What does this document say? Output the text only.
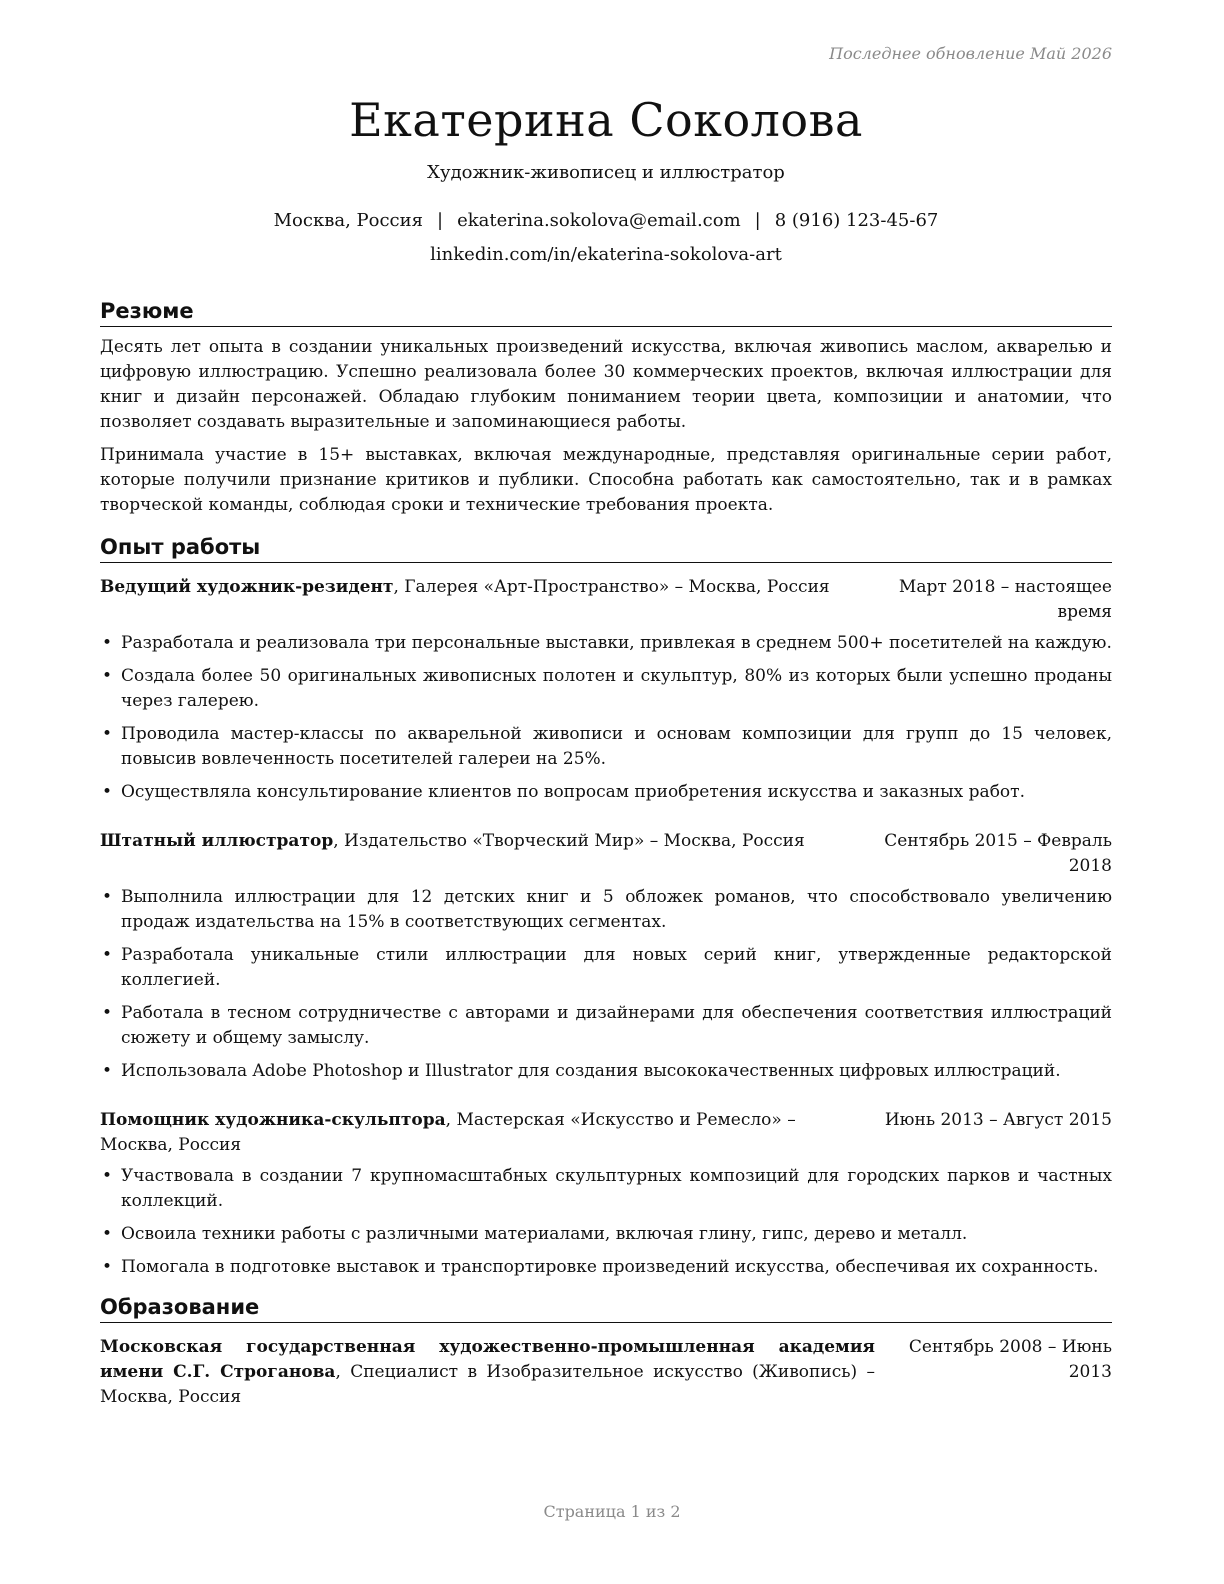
Последнее обновление Май 2026
Екатерина Соколова
Художник-живописец и иллюстратор
Москва, Россия | ekaterina.sokolova@email.com | 8 (916) 123-45-67
linkedin.com/in/ekaterina-sokolova-art
Резюме
Десять лет опыта в создании уникальных произведений искусства, включая живопись маслом, акварелью и цифровую иллюстрацию. Успешно реализовала более 30 коммерческих проектов, включая иллюстрации для книг и дизайн персонажей. Обладаю глубоким пониманием теории цвета, композиции и анатомии, что позволяет создавать выразительные и запоминающиеся работы.
Принимала участие в 15+ выставках, включая международные, представляя оригинальные серии работ, которые получили признание критиков и публики. Способна работать как самостоятельно, так и в рамках творческой команды, соблюдая сроки и технические требования проекта.
Опыт работы
Ведущий художник-резидент, Галерея «Арт-Пространство» – Москва, Россия	Март 2018 – настоящее время
• Разработала и реализовала три персональные выставки, привлекая в среднем 500+ посетителей на каждую.
• Создала более 50 оригинальных живописных полотен и скульптур, 80% из которых были успешно проданы через галерею.
• Проводила мастер-классы по акварельной живописи и основам композиции для групп до 15 человек, повысив вовлеченность посетителей галереи на 25%.
• Осуществляла консультирование клиентов по вопросам приобретения искусства и заказных работ.
Штатный иллюстратор, Издательство «Творческий Мир» – Москва, Россия	Сентябрь 2015 – Февраль 2018
• Выполнила иллюстрации для 12 детских книг и 5 обложек романов, что способствовало увеличению продаж издательства на 15% в соответствующих сегментах.
• Разработала уникальные стили иллюстрации для новых серий книг, утвержденные редакторской коллегией.
• Работала в тесном сотрудничестве с авторами и дизайнерами для обеспечения соответствия иллюстраций сюжету и общему замыслу.
• Использовала Adobe Photoshop и Illustrator для создания высококачественных цифровых иллюстраций.
Помощник художника-скульптора, Мастерская «Искусство и Ремесло» – Москва, Россия
Июнь 2013 – Август 2015
• Участвовала в создании 7 крупномасштабных скульптурных композиций для городских парков и частных коллекций.
• Освоила техники работы с различными материалами, включая глину, гипс, дерево и металл.
• Помогала в подготовке выставок и транспортировке произведений искусства, обеспечивая их сохранность.
Образование
Московская государственная художественно-промышленная академия имени С.Г. Строганова, Специалист в Изобразительное искусство (Живопись) – Москва, Россия
Сентябрь 2008 – Июнь 2013
Страница 1 из 2
